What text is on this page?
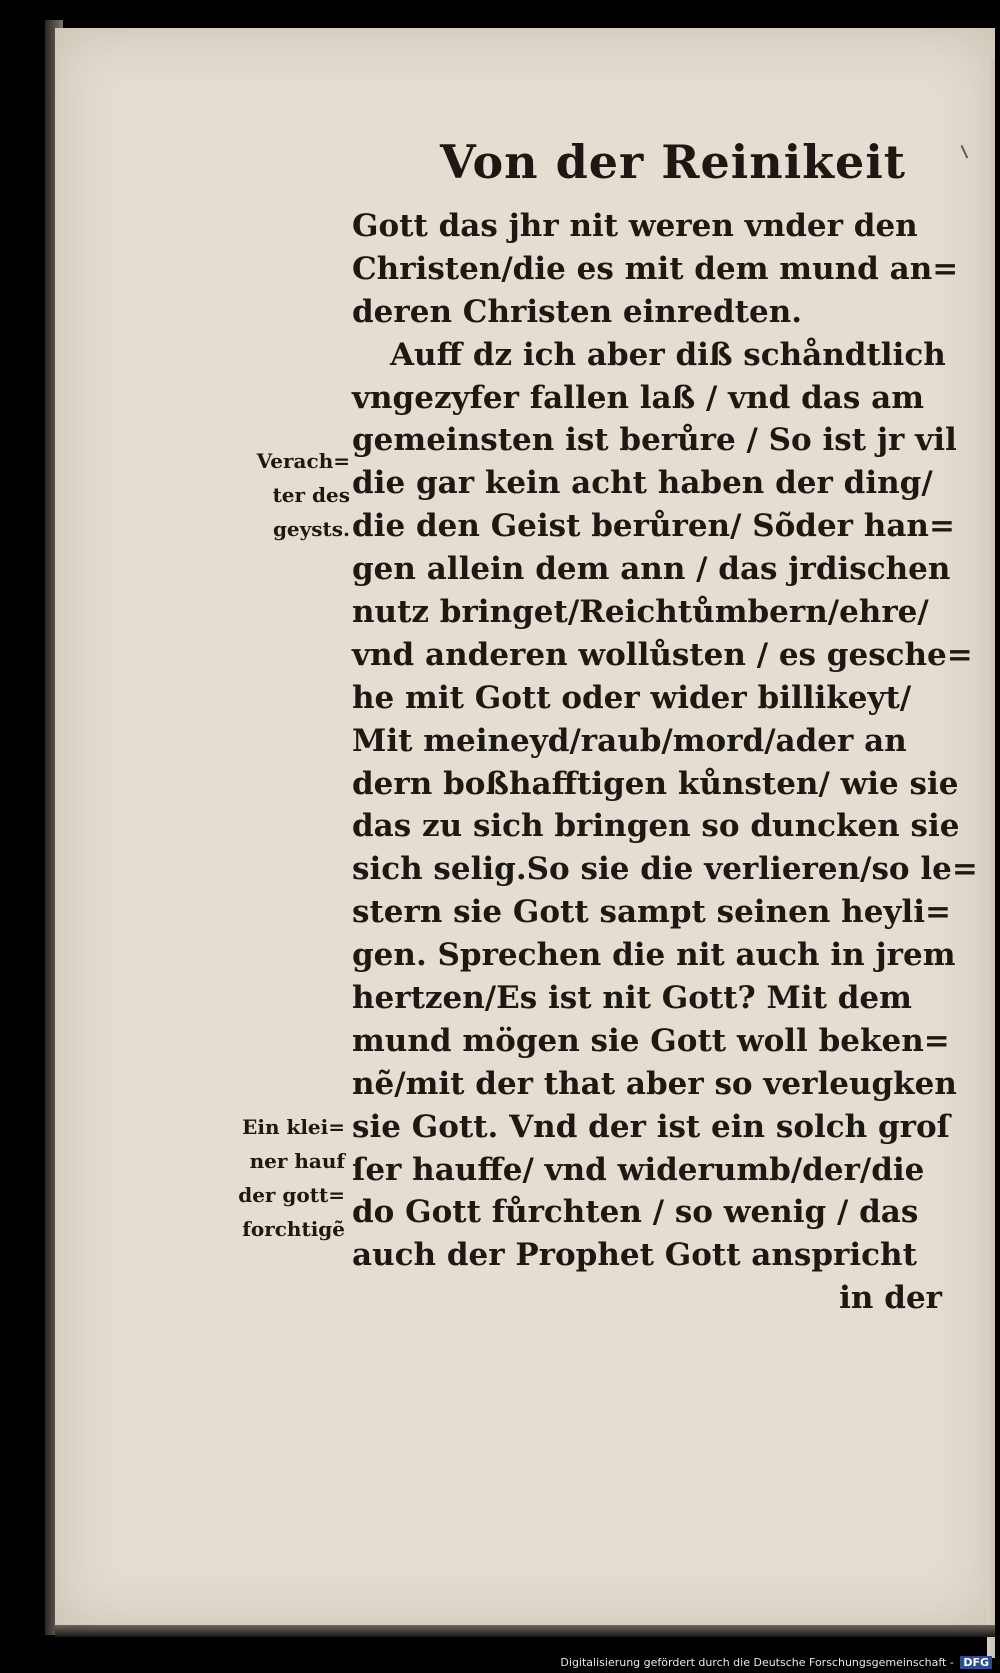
Von der Reinikeit
Gott das jhr nit weren vnder den
Christen/die es mit dem mund an=
deren Christen einredten.
Auff dz ich aber diß schåndtlich
vngezyfer fallen laß / vnd das am
gemeinsten ist berůre / So ist jr vil
die gar kein acht haben der ding/
die den Geist berůren/ Sõder han=
gen allein dem ann / das jrdischen
nutz bringet/Reichtůmbern/ehre/
vnd anderen wollůsten / es gesche=
he mit Gott oder wider billikeyt/
Mit meineyd/raub/mord/ader an
dern boßhafftigen kůnsten/ wie sie
das zu sich bringen so duncken sie
sich selig.So sie die verlieren/so le=
stern sie Gott sampt seinen heyli=
gen. Sprechen die nit auch in jrem
hertzen/Es ist nit Gott? Mit dem
mund mögen sie Gott woll beken=
nẽ/mit der that aber so verleugken
sie Gott. Vnd der ist ein solch groſ
ſer hauffe/ vnd widerumb/der/die
do Gott fůrchten / so wenig / das
auch der Prophet Gott anspricht
in der
Verach=
ter des
geysts.
Ein klei=
ner hauf
der gott=
forchtigẽ
Digitalisierung gefördert durch die Deutsche Forschungsgemeinschaft - DFG
